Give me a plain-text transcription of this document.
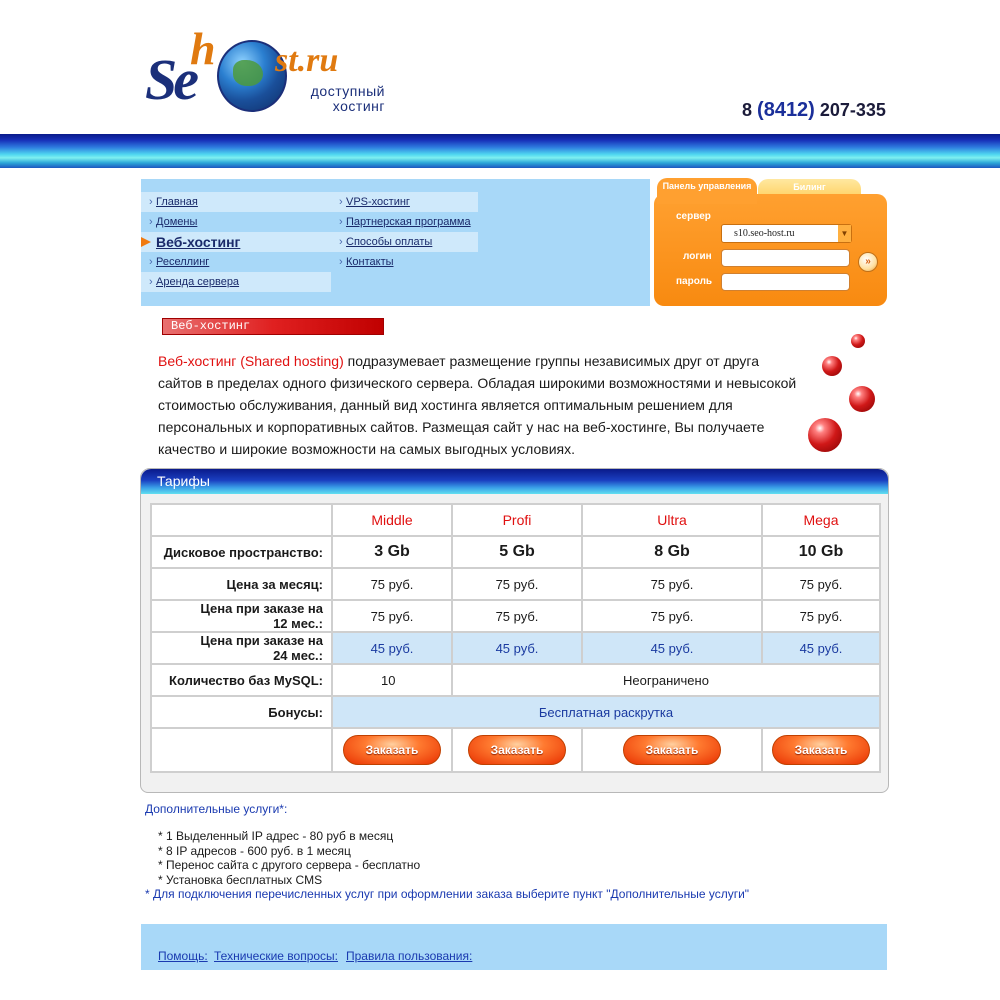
Se
h st.ru
доступный
хостинг	8 (8412) 207-335
› Главная
› Домены
Веб-хостинг
› Реселлинг
› Аренда сервера
› VPS-хостинг
› Партнерская программа
› Способы оплаты
› Контакты
Билинг
сервер
s10.seo-host.ru	▼
»
логин
пароль
Панель управления
Веб-хостинг
Веб-хостинг (Shared hosting) подразумевает размещение группы независимых друг от друга сайтов в пределах одного физического сервера. Обладая широкими возможностями и невысокой стоимостью обслуживания, данный вид хостинга является оптимальным решением для персональных и корпоративных сайтов. Размещая сайт у нас на веб-хостинге, Вы получаете качество и широкие возможности на самых выгодных условиях.
Тарифы
	Middle	Profi	Ultra	Mega
Дисковое пространство:	3 Gb	5 Gb	8 Gb	10 Gb
Цена за месяц:	75 руб.	75 руб.	75 руб.	75 руб.

Цена при заказе на
12 мес.:	75 руб.	75 руб.	75 руб.	75 руб.

Цена при заказе на
24 мес.:	45 руб.	45 руб.	45 руб.	45 руб.
Количество баз MySQL:	10	Неограничено		
Бонусы:	Бесплатная раскрутка			
	Заказать	Заказать	Заказать	Заказать
Дополнительные услуги*:
* 1 Выделенный IP адрес - 80 руб в месяц
* 8 IP адресов - 600 руб. в 1 месяц
* Перенос сайта с другого сервера - бесплатно
* Установка бесплатных CMS
* Для подключения перечисленных услуг при оформлении заказа выберите пункт "Дополнительные услуги"
Помощь: Технические вопросы: Правила пользования:
